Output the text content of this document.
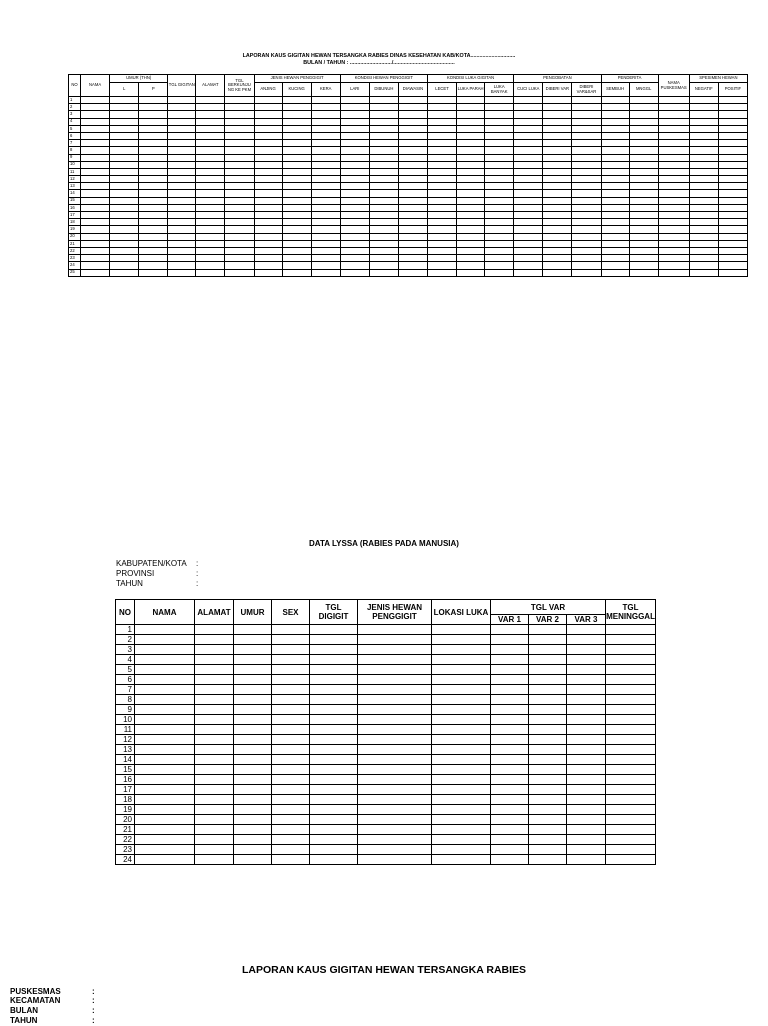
LAPORAN KAUS GIGITAN HEWAN TERSANGKA RABIES DINAS KESEHATAN KAB/KOTA..............................
BULAN / TAHUN : ............................/.........................................
NO	NAMA	UMUR (THN)		TGL GIGITAN	ALAMAT	TGL BERKUNJU NG KE PKM	JENIS HEWAN PENGGIGIT			KONDISI HEWAN PENGGIGIT			KONDISI LUKA GIGITAN			PENGOBATAN			PENDERITA		NAMA PUSKESMAS	SPESIMEN HEWAN	
		L	P				ANJING	KUCING	KERA	LARI	DIBUNUH	DIAWASIN	LECET	LUKA PARAH	LUKA BANYAK	CUCI LUKA	DIBERI VAR	DIBERI VAR&SAR	SEMBUH	MNGGL		NEGATIF	POSITIF
1																							
2																							
3																							
4																							
5																							
6																							
7																							
8																							
9																							
10																							
11																							
12																							
13																							
14																							
15																							
16																							
17																							
18																							
19																							
20																							
21																							
22																							
23																							
24																							
25																							
DATA LYSSA (RABIES PADA MANUSIA)
KABUPATEN/KOTA :
PROVINSI	:
TAHUN	:
NO	NAMA	ALAMAT	UMUR	SEX	TGL DIGIGIT	JENIS HEWAN PENGGIGIT	LOKASI LUKA	TGL VAR			TGL MENINGGAL
								VAR 1	VAR 2	VAR 3	
1											
2											
3											
4											
5											
6											
7											
8											
9											
10											
11											
12											
13											
14											
15											
16											
17											
18											
19											
20											
21											
22											
23											
24											
LAPORAN KAUS GIGITAN HEWAN TERSANGKA RABIES
PUSKESMAS	:
KECAMATAN	:
BULAN	:
TAHUN	:
